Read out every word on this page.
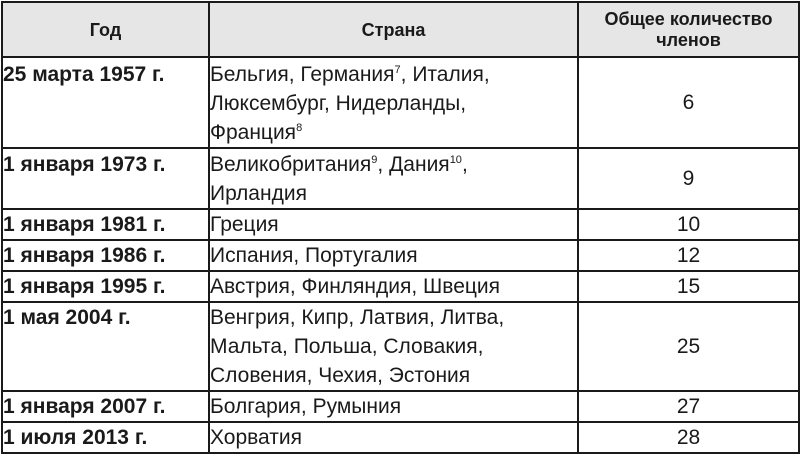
Год	Страна	Общее количество
членов
25 марта 1957 г.	Бельгия, Германия$^7$, Италия,
Люксембург, Нидерланды,
Франция$^8$	6
1 января 1973 г.	Великобритания$^9$, Дания$^{10}$,
Ирландия	9
1 января 1981 г.	Греция	10
1 января 1986 г.	Испания, Португалия	12
1 января 1995 г.	Австрия, Финляндия, Швеция	15
1 мая 2004 г.	Венгрия, Кипр, Латвия, Литва,
Мальта, Польша, Словакия,
Словения, Чехия, Эстония	25
1 января 2007 г.	Болгария, Румыния	27
1 июля 2013 г.	Хорватия	28
